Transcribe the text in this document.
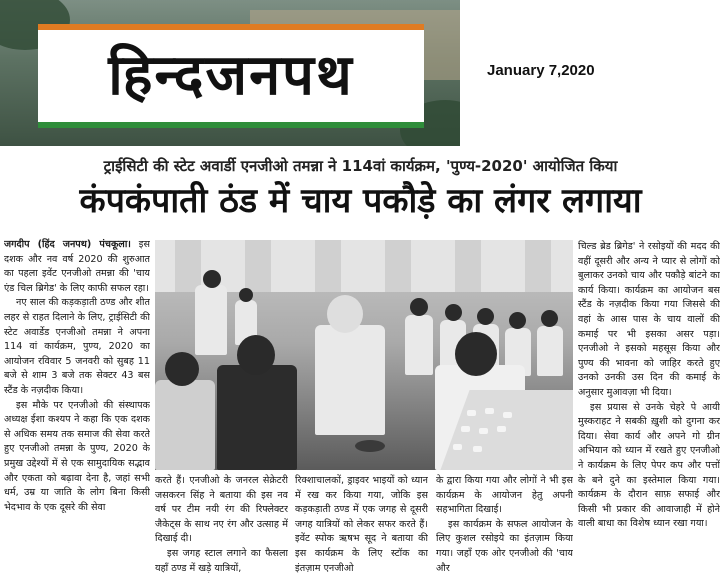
हिन्दजनपथ	January 7,2020
ट्राईसिटी की स्टेट अवार्डी एनजीओ तमन्ना ने 114वां कार्यक्रम, 'पुण्य-2020' आयोजित किया
कंपकंपाती ठंड में चाय पकौड़े का लंगर लगाया

जगदीप (हिंद जनपथ) पंचकूला। इस दशक और नव वर्ष 2020 की शुरुआत का पहला इवेंट एनजीओ तमन्ना की 'चाय एंड चिल ब्रिगेड' के लिए काफी सफल रहा।

नए साल की कड़कड़ाती ठण्ड और शीत लहर से राहत दिलाने के लिए, ट्राईसिटी की स्टेट अवार्डेड एनजीओ तमन्ना ने अपना 114 वां कार्यक्रम, पुण्य, 2020 का आयोजन रविवार 5 जनवरी को सुबह 11 बजे से शाम 3 बजे तक सेक्टर 43 बस स्टैंड के नज़दीक किया।

इस मौके पर एनजीओ की संस्थापक अध्यक्ष ईशा कश्यप ने कहा कि एक दशक से अधिक समय तक समाज की सेवा करते हुए एनजीओ तमन्ना के पुण्य, 2020 के प्रमुख उद्देश्यों में से एक सामुदायिक सद्भाव और एकता को बढ़ावा देना है, जहां सभी धर्म, उम्र या जाति के लोग बिना किसी भेदभाव के एक दूसरे की सेवा

करते हैं। एनजीओ के जनरल सेक्रेटरी जसकरन सिंह ने बताया की इस नव वर्ष पर टीम नयी रंग की रिफ्लेक्टर जैकेट्स के साथ नए रंग और उत्साह में दिखाई दी।

इस जगह स्टाल लगाने का फैसला यहाँ ठण्ड में खड़े यात्रियों,

रिक्शाचालकों, ड्राइवर भाइयों को ध्यान में रख कर किया गया, जोकि इस कड़कड़ाती ठण्ड में एक जगह से दूसरी जगह यात्रियों को लेकर सफर करते हैं। इवेंट स्पोक ऋषभ सूद ने बताया की इस कार्यक्रम के लिए स्टॉक का इंतज़ाम एनजीओ

के द्वारा किया गया और लोगों ने भी इस कार्यक्रम के आयोजन हेतु अपनी सहभागिता दिखाई।

इस कार्यक्रम के सफल आयोजन के लिए कुशल रसोइये का इंतज़ाम किया गया। जहाँ एक ओर एनजीओ की 'चाय और

चिल्ड ब्रेड ब्रिगेड' ने रसोइयों की मदद की वहीं दूसरी और अन्य ने प्यार से लोगों को बुलाकर उनको चाय और पकौड़े बांटने का कार्य किया। कार्यक्रम का आयोजन बस स्टैंड के नज़दीक किया गया जिससे की वहां के आस पास के चाय वालों की कमाई पर भी इसका असर पड़ा। एनजीओ ने इसको महसूस किया और पुण्य की भावना को जाहिर करते हुए उनको उनकी उस दिन की कमाई के अनुसार मुआवज़ा भी दिया।

इस प्रयास से उनके चेहरे पे आयी मुस्कराहट ने सबकी ख़ुशी को दुगना कर दिया। सेवा कार्य और अपने गो ग्रीन अभियान को ध्यान में रखते हुए एनजीओ ने कार्यक्रम के लिए पेपर कप और पत्तों के बने दुने का इस्तेमाल किया गया। कार्यक्रम के दौरान साफ़ सफाई और किसी भी प्रकार की आवाजाही में होने वाली बाधा का विशेष ध्यान रखा गया।
